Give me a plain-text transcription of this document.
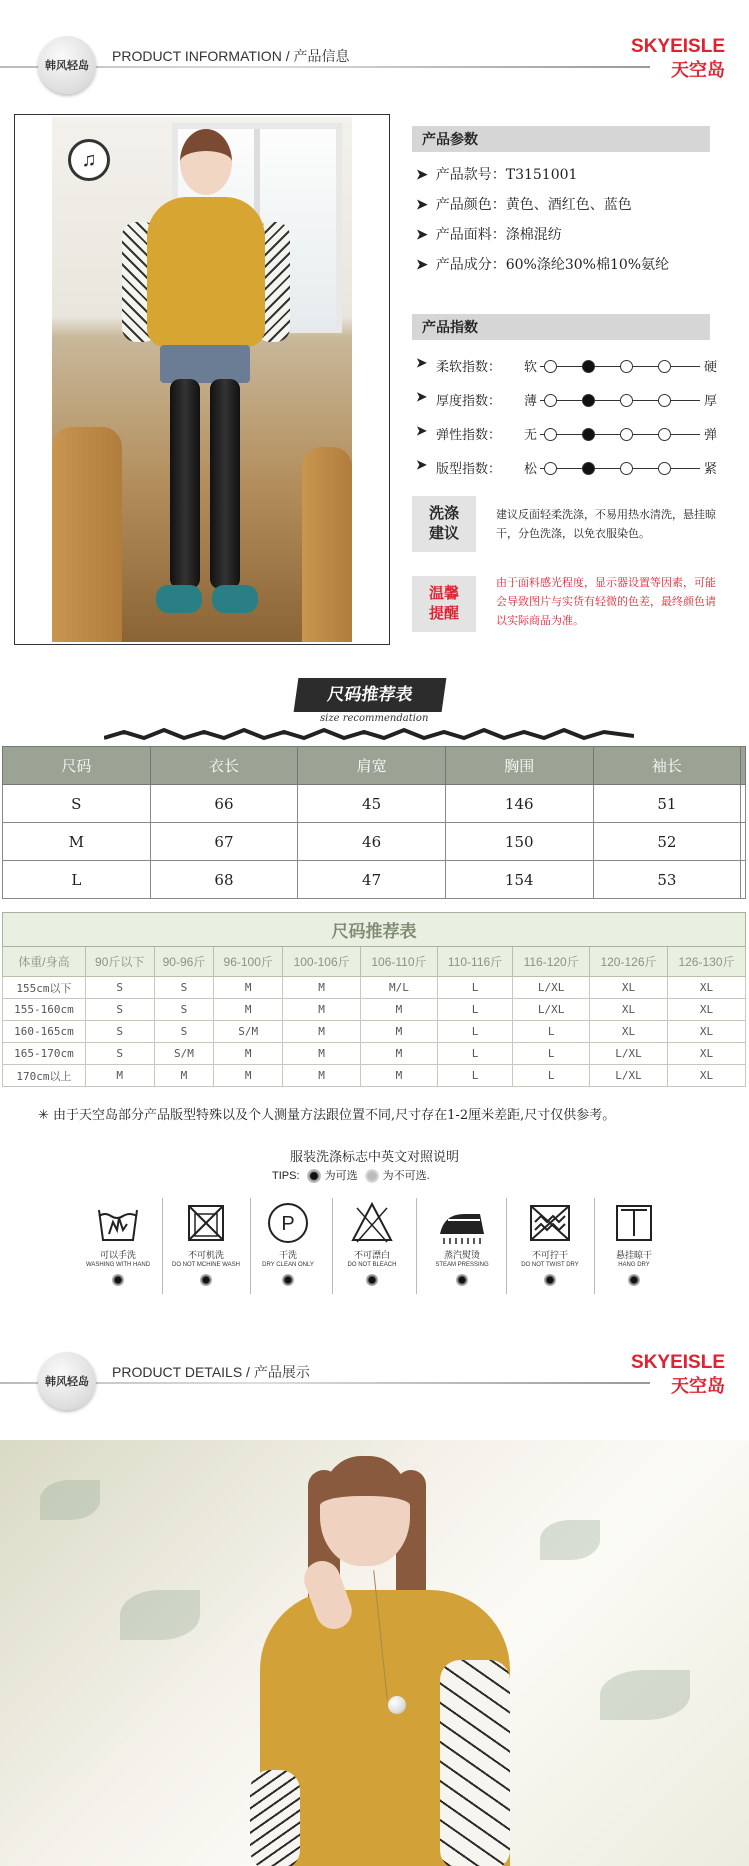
韩风轻岛
PRODUCT INFORMATION / 产品信息	SKYEISLE
天空岛
♫
产品参数
➤ 产品款号：T3151001
➤ 产品颜色：黄色、酒红色、蓝色
➤ 产品面料：涤棉混纺
➤ 产品成分：60%涤纶30%棉10%氨纶
产品指数
➤ 柔软指数： 软	硬
➤ 厚度指数： 薄	厚
➤ 弹性指数： 无	弹
➤ 版型指数： 松	紧
洗涤
建议
建议反面轻柔洗涤，不易用热水清洗，悬挂晾干，分色洗涤，以免衣服染色。
温馨
提醒
由于面料感光程度，显示器设置等因素，可能会导致图片与实货有轻微的色差，最终颜色请以实际商品为准。
尺码推荐表
size recommendation
尺码	衣长	肩宽	胸围	袖长	
S	66	45	146	51	
M	67	46	150	52	
L	68	47	154	53	
尺码推荐表									
体重/身高	90斤以下	90-96斤	96-100斤	100-106斤	106-110斤	110-116斤	116-120斤	120-126斤	126-130斤
155cm以下	S	S	M	M	M/L	L	L/XL	XL	XL
155-160cm	S	S	M	M	M	L	L/XL	XL	XL
160-165cm	S	S	S/M	M	M	L	L	XL	XL
165-170cm	S	S/M	M	M	M	L	L	L/XL	XL
170cm以上	M	M	M	M	M	L	L	L/XL	XL
✳ 由于天空岛部分产品版型特殊以及个人测量方法跟位置不同,尺寸存在1-2厘米差距,尺寸仅供参考。
服装洗涤标志中英文对照说明
TIPS: 为可选 为不可选.
可以手洗
WASHING WITH HAND
不可机洗
DO NOT MCHINE WASH
P
干洗
DRY CLEAN ONLY
不可漂白
DO NOT BLEACH
蒸汽熨烫
STEAM PRESSING
不可拧干
DO NOT TWIST DRY
悬挂晾干
HANG DRY
韩风轻岛
PRODUCT DETAILS / 产品展示	SKYEISLE
天空岛
